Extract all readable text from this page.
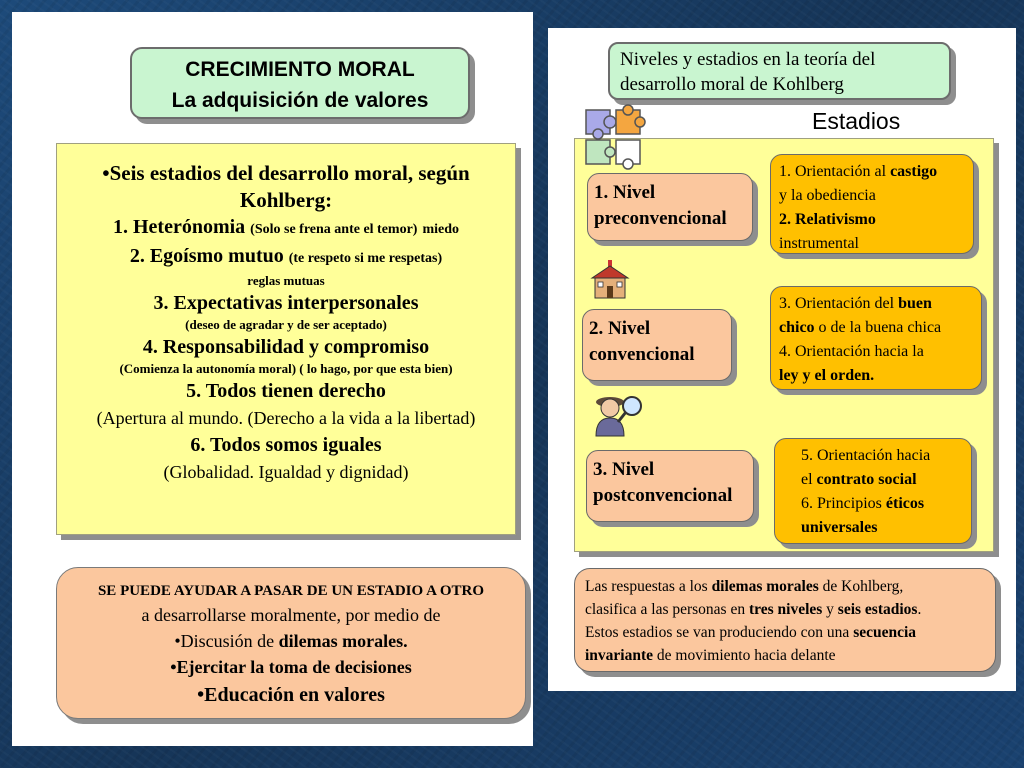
CRECIMIENTO MORAL
La adquisición de valores
•Seis estadios del desarrollo moral, según
Kohlberg:
1. Heterónomia (Solo se frena ante el temor) miedo
2. Egoísmo mutuo (te respeto si me respetas)
reglas mutuas
3. Expectativas interpersonales
(deseo de agradar y de ser aceptado)
4. Responsabilidad y compromiso
(Comienza la autonomía moral) ( lo hago, por que esta bien)
5. Todos tienen derecho
(Apertura al mundo. (Derecho a la vida a la libertad)
6. Todos somos iguales
(Globalidad. Igualdad y dignidad)
SE PUEDE AYUDAR A PASAR DE UN ESTADIO A OTRO
a desarrollarse moralmente, por medio de
•Discusión de dilemas morales.
•Ejercitar la toma de decisiones
•Educación en valores
Niveles y estadios en la teoría del
desarrollo moral de Kohlberg
Estadios
1. Nivel
preconvencional
2. Nivel
convencional
3. Nivel
postconvencional
1. Orientación al castigo
y la obediencia
2. Relativismo
instrumental
3. Orientación del buen
chico o de la buena chica
4. Orientación hacia la
ley y el orden.
5. Orientación hacia
el contrato social
6. Principios éticos
universales
Las respuestas a los dilemas morales de Kohlberg,
clasifica a las personas en tres niveles y seis estadios.
Estos estadios se van produciendo con una secuencia
invariante de movimiento hacia delante
